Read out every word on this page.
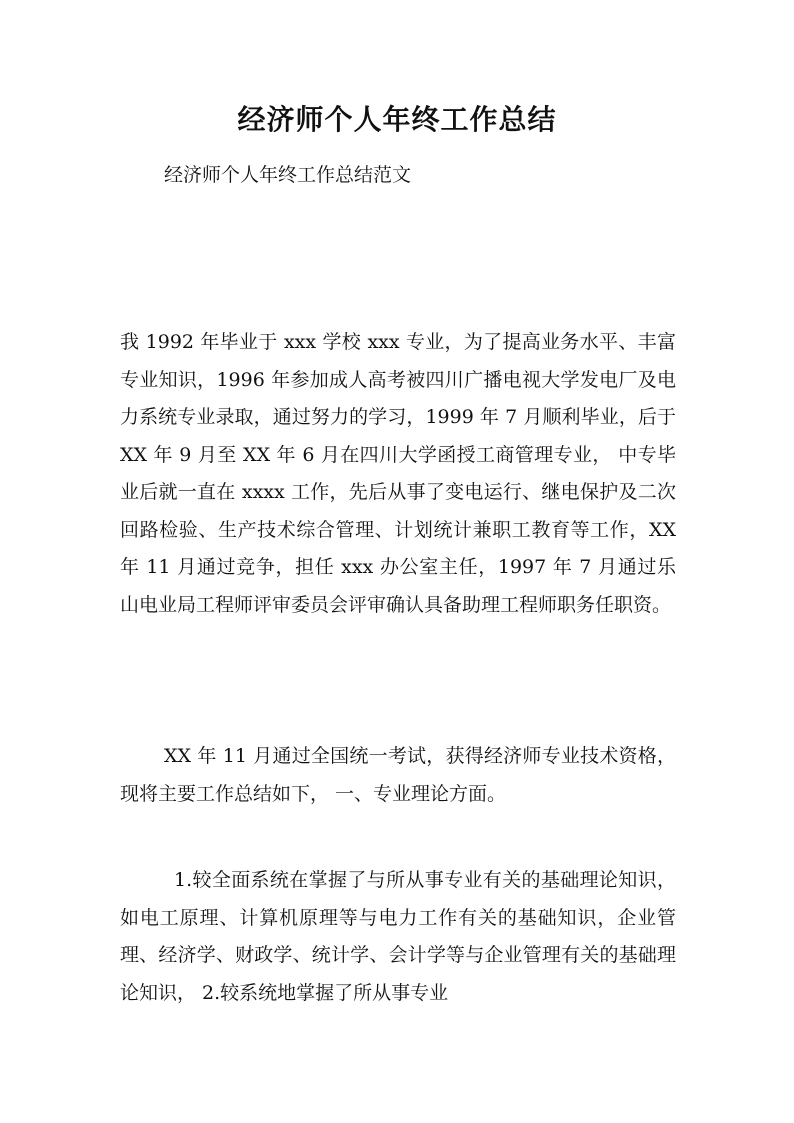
经济师个人年终工作总结

经济师个人年终工作总结范文

我 1992 年毕业于 xxx 学校 xxx 专业，为了提高业务水平、丰富专业知识，1996 年参加成人高考被四川广播电视大学发电厂及电力系统专业录取，通过努力的学习，1999 年 7 月顺利毕业，后于 XX 年 9 月至 XX 年 6 月在四川大学函授工商管理专业， 中专毕业后就一直在 xxxx 工作，先后从事了变电运行、继电保护及二次回路检验、生产技术综合管理、计划统计兼职工教育等工作，XX 年 11 月通过竞争，担任 xxx 办公室主任，1997 年 7 月通过乐山电业局工程师评审委员会评审确认具备助理工程师职务任职资。

XX 年 11 月通过全国统一考试，获得经济师专业技术资格，现将主要工作总结如下， 一、专业理论方面。

1.较全面系统在掌握了与所从事专业有关的基础理论知识，如电工原理、计算机原理等与电力工作有关的基础知识，企业管理、经济学、财政学、统计学、会计学等与企业管理有关的基础理论知识， 2.较系统地掌握了所从事专业
